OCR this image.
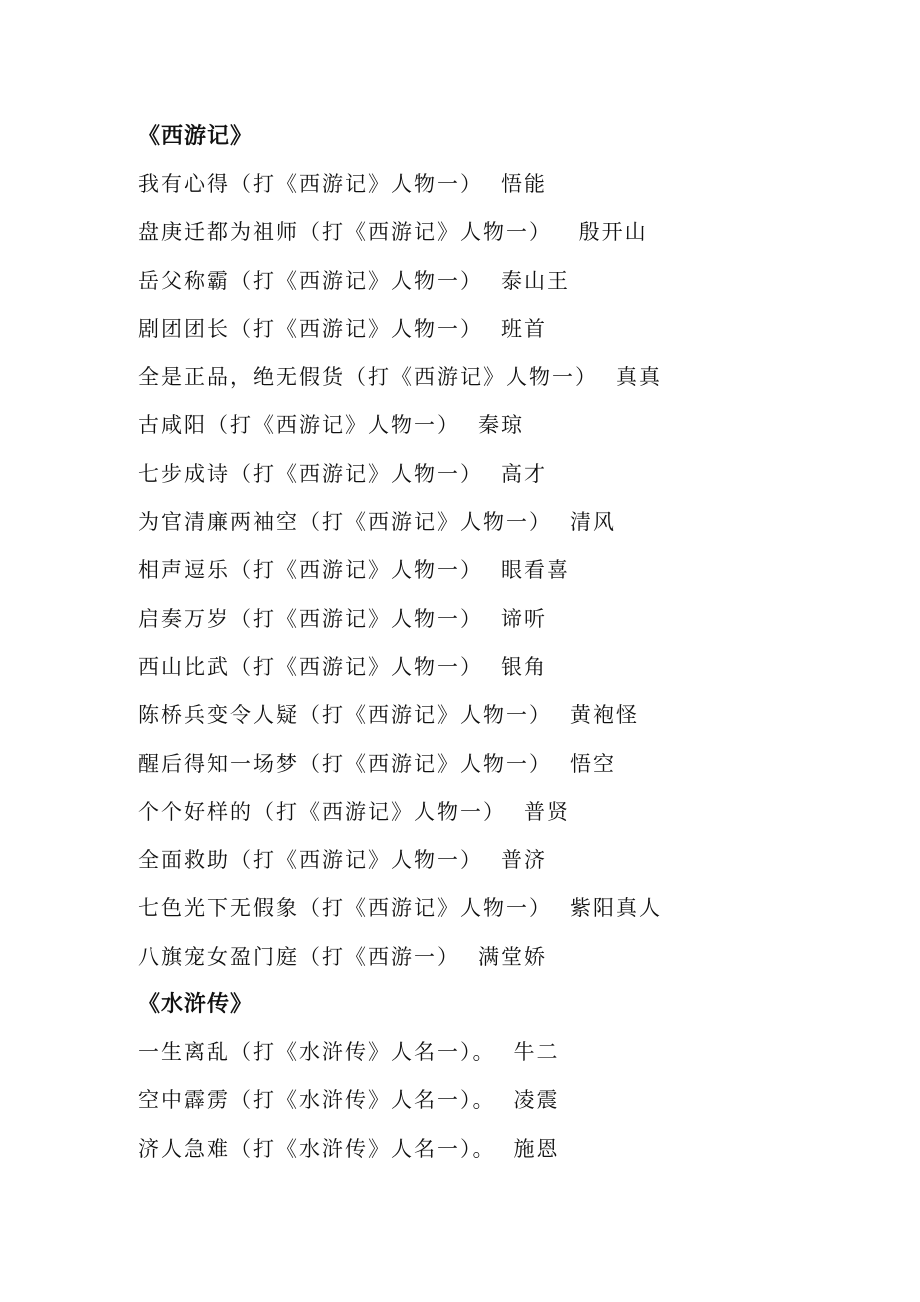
《西游记》
我有心得（打《西游记》人物一） 悟能
盘庚迁都为祖师（打《西游记》人物一） 殷开山
岳父称霸（打《西游记》人物一） 泰山王
剧团团长（打《西游记》人物一） 班首
全是正品，绝无假货（打《西游记》人物一） 真真
古咸阳（打《西游记》人物一） 秦琼
七步成诗（打《西游记》人物一） 高才
为官清廉两袖空（打《西游记》人物一） 清风
相声逗乐（打《西游记》人物一） 眼看喜
启奏万岁（打《西游记》人物一） 谛听
西山比武（打《西游记》人物一） 银角
陈桥兵变令人疑（打《西游记》人物一） 黄袍怪
醒后得知一场梦（打《西游记》人物一） 悟空
个个好样的（打《西游记》人物一） 普贤
全面救助（打《西游记》人物一） 普济
七色光下无假象（打《西游记》人物一） 紫阳真人
八旗宠女盈门庭（打《西游一） 满堂娇
《水浒传》
一生离乱（打《水浒传》人名一）。 牛二
空中霹雳（打《水浒传》人名一）。 凌震
济人急难（打《水浒传》人名一）。 施恩
